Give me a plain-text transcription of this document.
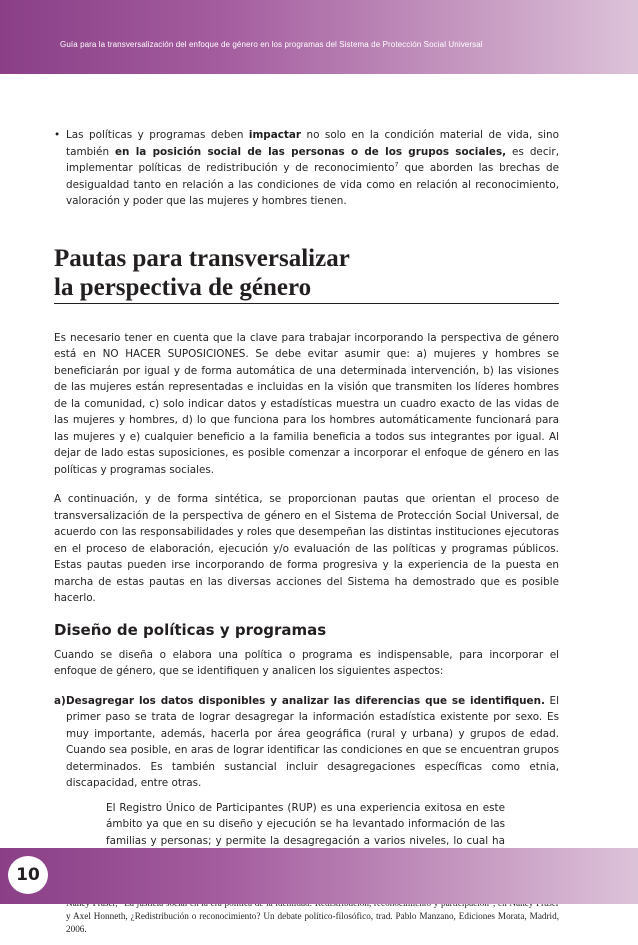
Guía para la transversalización del enfoque de género en los programas del Sistema de Protección Social Universal

• Las políticas y programas deben impactar no solo en la condición material de vida, sino también en la posición social de las personas o de los grupos sociales, es decir, implementar políticas de redistribución y de reconocimiento$^7$ que aborden las brechas de desigualdad tanto en relación a las condiciones de vida como en relación al reconocimiento, valoración y poder que las mujeres y hombres tienen.

Pautas para transversalizar
la perspectiva de género

Es necesario tener en cuenta que la clave para trabajar incorporando la perspectiva de género está en NO HACER SUPOSICIONES. Se debe evitar asumir que: a) mujeres y hombres se beneficiarán por igual y de forma automática de una determinada intervención, b) las visiones de las mujeres están representadas e incluidas en la visión que transmiten los líderes hombres de la comunidad, c) solo indicar datos y estadísticas muestra un cuadro exacto de las vidas de las mujeres y hombres, d) lo que funciona para los hombres automáticamente funcionará para las mujeres y e) cualquier beneficio a la familia beneficia a todos sus integrantes por igual. Al dejar de lado estas suposiciones, es posible comenzar a incorporar el enfoque de género en las políticas y programas sociales.

A continuación, y de forma sintética, se proporcionan pautas que orientan el proceso de transversalización de la perspectiva de género en el Sistema de Protección Social Universal, de acuerdo con las responsabilidades y roles que desempeñan las distintas instituciones ejecutoras en el proceso de elaboración, ejecución y/o evaluación de las políticas y programas públicos. Estas pautas pueden irse incorporando de forma progresiva y la experiencia de la puesta en marcha de estas pautas en las diversas acciones del Sistema ha demostrado que es posible hacerlo.

Diseño de políticas y programas

Cuando se diseña o elabora una política o programa es indispensable, para incorporar el enfoque de género, que se identifiquen y analicen los siguientes aspectos:

a) Desagregar los datos disponibles y analizar las diferencias que se identifiquen. El primer paso se trata de lograr desagregar la información estadística existente por sexo. Es muy importante, además, hacerla por área geográfica (rural y urbana) y grupos de edad. Cuando sea posible, en aras de lograr identificar las condiciones en que se encuentran grupos determinados. Es también sustancial incluir desagregaciones específicas como etnia, discapacidad, entre otras.

El Registro Único de Participantes (RUP) es una experiencia exitosa en este ámbito ya que en su diseño y ejecución se ha levantado información de las familias y personas; y permite la desagregación a varios niveles, lo cual ha

y Axel Honneth, ¿Redistribución o reconocimiento? Un debate político-filosófico, trad. Pablo Manzano, Ediciones Morata, Madrid, 2006.

10
